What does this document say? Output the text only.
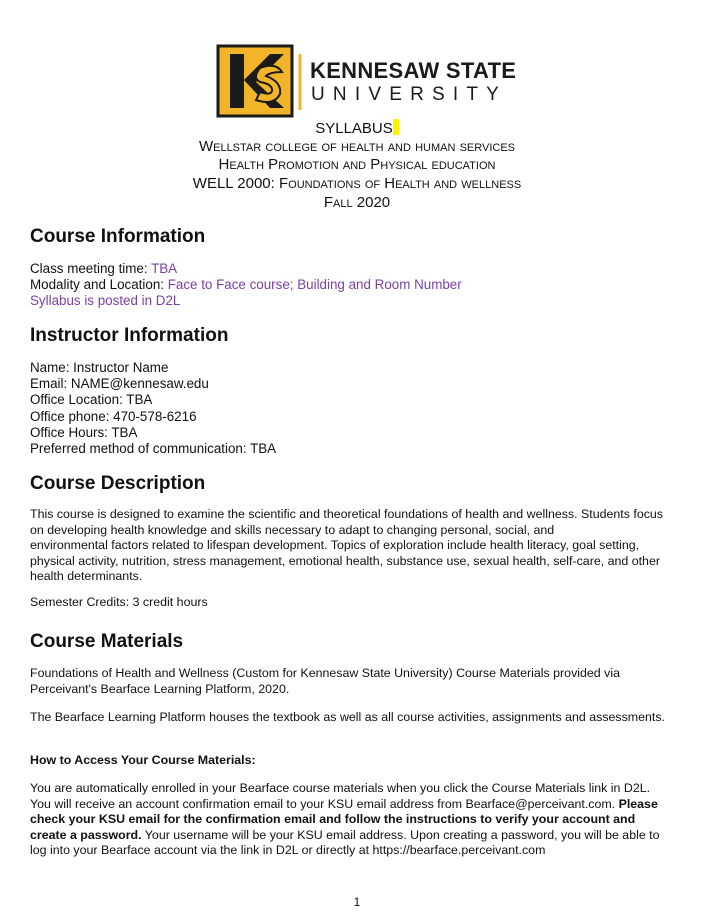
KENNESAW STATE
UNIVERSITY
SYLLABUS
Wellstar college of health and human services
Health Promotion and Physical education
WELL 2000: Foundations of Health and wellness
Fall 2020
Course Information
Class meeting time: TBA
Modality and Location: Face to Face course; Building and Room Number
Syllabus is posted in D2L
Instructor Information
Name: Instructor Name
Email: NAME@kennesaw.edu
Office Location: TBA
Office phone: 470-578-6216
Office Hours: TBA
Preferred method of communication: TBA
Course Description
This course is designed to examine the scientific and theoretical foundations of health and wellness. Students focus
on developing health knowledge and skills necessary to adapt to changing personal, social, and
environmental factors related to lifespan development. Topics of exploration include health literacy, goal setting,
physical activity, nutrition, stress management, emotional health, substance use, sexual health, self-care, and other
health determinants.
Semester Credits: 3 credit hours
Course Materials
Foundations of Health and Wellness (Custom for Kennesaw State University) Course Materials provided via
Perceivant's Bearface Learning Platform, 2020.
The Bearface Learning Platform houses the textbook as well as all course activities, assignments and assessments.
How to Access Your Course Materials:
You are automatically enrolled in your Bearface course materials when you click the Course Materials link in D2L.
You will receive an account confirmation email to your KSU email address from Bearface@perceivant.com. Please
check your KSU email for the confirmation email and follow the instructions to verify your account and
create a password. Your username will be your KSU email address. Upon creating a password, you will be able to
log into your Bearface account via the link in D2L or directly at https://bearface.perceivant.com
1
